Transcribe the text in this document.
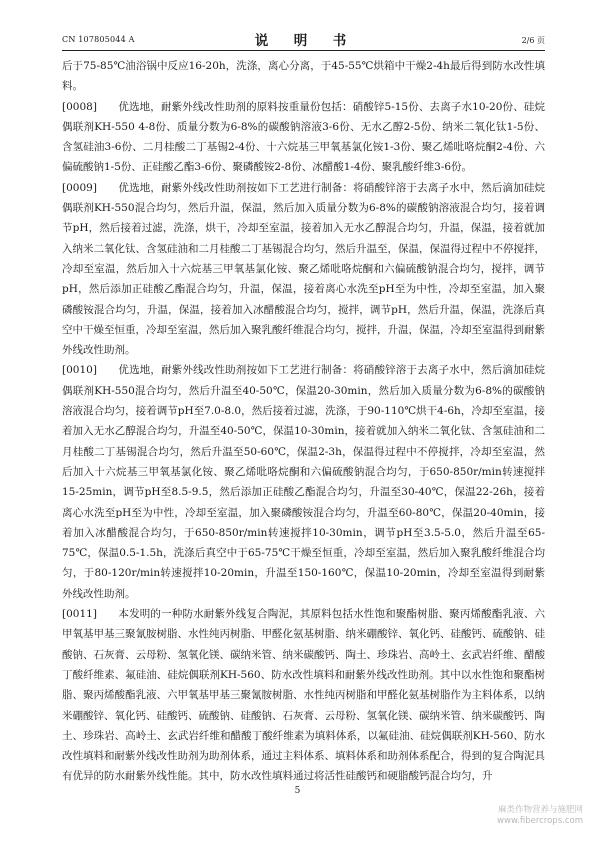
CN 107805044 A	说　明　书	2/6 页

后于75-85℃油浴锅中反应16-20h，洗涤，离心分离，于45-55℃烘箱中干燥2-4h最后得到防水改性填料。

[0008]　　优选地，耐紫外线改性助剂的原料按重量份包括：硝酸锌5-15份、去离子水10-20份、硅烷偶联剂KH-550 4-8份、质量分数为6-8%的碳酸钠溶液3-6份、无水乙醇2-5份、纳米二氧化钛1-5份、含氢硅油3-6份、二月桂酸二丁基锡2-4份、十六烷基三甲氧基氯化铵1-3份、聚乙烯吡咯烷酮2-4份、六偏硫酸钠1-5份、正硅酸乙酯3-6份、聚磷酸铵2-8份、冰醋酸1-4份、聚乳酸纤维3-6份。

[0009]　　优选地，耐紫外线改性助剂按如下工艺进行制备：将硝酸锌溶于去离子水中，然后滴加硅烷偶联剂KH-550混合均匀，然后升温，保温，然后加入质量分数为6-8%的碳酸钠溶液混合均匀，接着调节pH，然后接着过滤，洗涤，烘干，冷却至室温，接着加入无水乙醇混合均匀，升温，保温，接着就加入纳米二氧化钛、含氢硅油和二月桂酸二丁基锡混合均匀，然后升温至，保温，保温得过程中不停搅拌，冷却至室温，然后加入十六烷基三甲氧基氯化铵、聚乙烯吡咯烷酮和六偏硫酸钠混合均匀，搅拌，调节pH，然后添加正硅酸乙酯混合均匀，升温，保温，接着离心水洗至pH至为中性，冷却至室温，加入聚磷酸铵混合均匀，升温，保温，接着加入冰醋酸混合均匀，搅拌，调节pH，然后升温，保温，洗涤后真空中干燥至恒重，冷却至室温，然后加入聚乳酸纤维混合均匀，搅拌，升温，保温，冷却至室温得到耐紫外线改性助剂。

[0010]　　优选地，耐紫外线改性助剂按如下工艺进行制备：将硝酸锌溶于去离子水中，然后滴加硅烷偶联剂KH-550混合均匀，然后升温至40-50℃，保温20-30min，然后加入质量分数为6-8%的碳酸钠溶液混合均匀，接着调节pH至7.0-8.0，然后接着过滤，洗涤，于90-110℃烘干4-6h，冷却至室温，接着加入无水乙醇混合均匀，升温至40-50℃，保温10-30min，接着就加入纳米二氧化钛、含氢硅油和二月桂酸二丁基锡混合均匀，然后升温至50-60℃，保温2-3h，保温得过程中不停搅拌，冷却至室温，然后加入十六烷基三甲氧基氯化铵、聚乙烯吡咯烷酮和六偏硫酸钠混合均匀，于650-850r/min转速搅拌15-25min，调节pH至8.5-9.5，然后添加正硅酸乙酯混合均匀，升温至30-40℃，保温22-26h，接着离心水洗至pH至为中性，冷却至室温，加入聚磷酸铵混合均匀，升温至60-80℃，保温20-40min，接着加入冰醋酸混合均匀，于650-850r/min转速搅拌10-30min，调节pH至3.5-5.0，然后升温至65-75℃，保温0.5-1.5h，洗涤后真空中于65-75℃干燥至恒重，冷却至室温，然后加入聚乳酸纤维混合均匀，于80-120r/min转速搅拌10-20min，升温至150-160℃，保温10-20min，冷却至室温得到耐紫外线改性助剂。

[0011]　　本发明的一种防水耐紫外线复合陶泥，其原料包括水性饱和聚酯树脂、聚丙烯酸酯乳液、六甲氧基甲基三聚氰胺树脂、水性纯丙树脂、甲醛化氨基树脂、纳米硼酸锌、氧化钙、硅酸钙、硫酸钠、硅酸钠、石灰膏、云母粉、氢氧化镁、碳纳米管、纳米碳酸钙、陶土、珍珠岩、高岭土、玄武岩纤维、醋酸丁酸纤维素、氟硅油、硅烷偶联剂KH-560、防水改性填料和耐紫外线改性助剂。其中以水性饱和聚酯树脂、聚丙烯酸酯乳液、六甲氧基甲基三聚氰胺树脂、水性纯丙树脂和甲醛化氨基树脂作为主料体系，以纳米硼酸锌、氧化钙、硅酸钙、硫酸钠、硅酸钠、石灰膏、云母粉、氢氧化镁、碳纳米管、纳米碳酸钙、陶土、珍珠岩、高岭土、玄武岩纤维和醋酸丁酸纤维素为填料体系，以氟硅油、硅烷偶联剂KH-560、防水改性填料和耐紫外线改性助剂为助剂体系，通过主料体系、填料体系和助剂体系配合，得到的复合陶泥具有优异的防水耐紫外线性能。其中，防水改性填料通过将活性硅酸钙和硬脂酸钙混合均匀，升

5
麻类作物营养与施肥网
www.fibercrops.com
